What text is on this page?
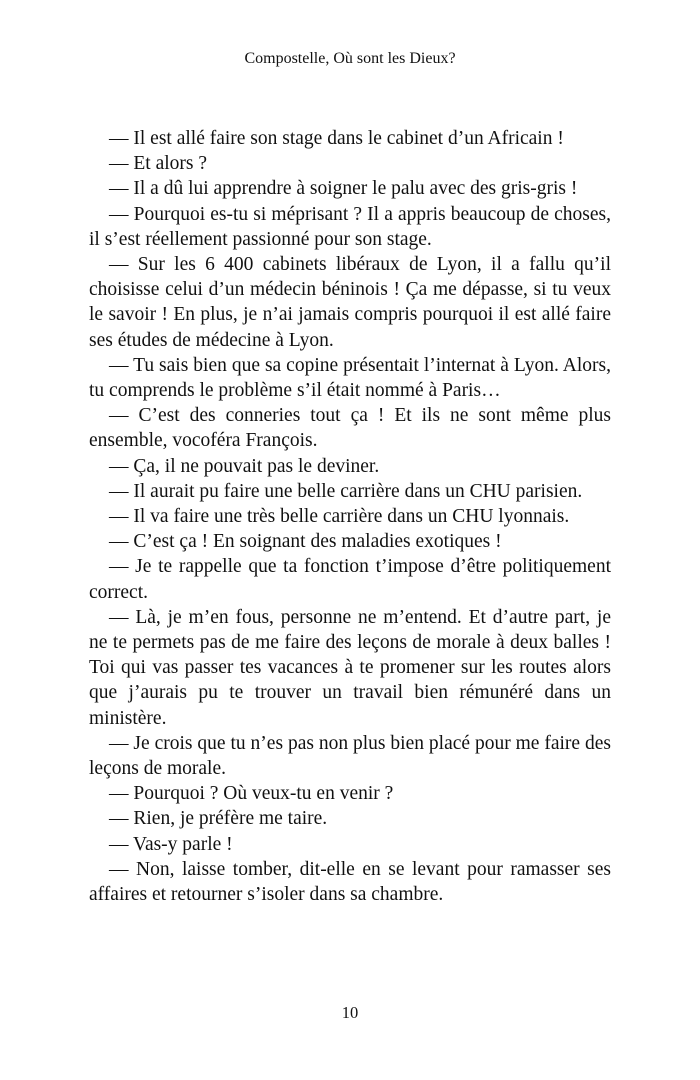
Compostelle, Où sont les Dieux?

— Il est allé faire son stage dans le cabinet d’un Africain !

— Et alors ?

— Il a dû lui apprendre à soigner le palu avec des gris-gris !

— Pourquoi es-tu si méprisant ? Il a appris beaucoup de choses, il s’est réellement passionné pour son stage.

— Sur les 6 400 cabinets libéraux de Lyon, il a fallu qu’il choisisse celui d’un médecin béninois ! Ça me dépasse, si tu veux le savoir ! En plus, je n’ai jamais compris pourquoi il est allé faire ses études de médecine à Lyon.

— Tu sais bien que sa copine présentait l’internat à Lyon. Alors, tu comprends le problème s’il était nommé à Paris…

— C’est des conneries tout ça ! Et ils ne sont même plus ensemble, vocoféra François.

— Ça, il ne pouvait pas le deviner.

— Il aurait pu faire une belle carrière dans un CHU parisien.

— Il va faire une très belle carrière dans un CHU lyonnais.

— C’est ça ! En soignant des maladies exotiques !

— Je te rappelle que ta fonction t’impose d’être politiquement correct.

— Là, je m’en fous, personne ne m’entend. Et d’autre part, je ne te permets pas de me faire des leçons de morale à deux balles ! Toi qui vas passer tes vacances à te promener sur les routes alors que j’aurais pu te trouver un travail bien rémunéré dans un ministère.

— Je crois que tu n’es pas non plus bien placé pour me faire des leçons de morale.

— Pourquoi ? Où veux-tu en venir ?

— Rien, je préfère me taire.

— Vas-y parle !

— Non, laisse tomber, dit-elle en se levant pour ramasser ses affaires et retourner s’isoler dans sa chambre.

10
